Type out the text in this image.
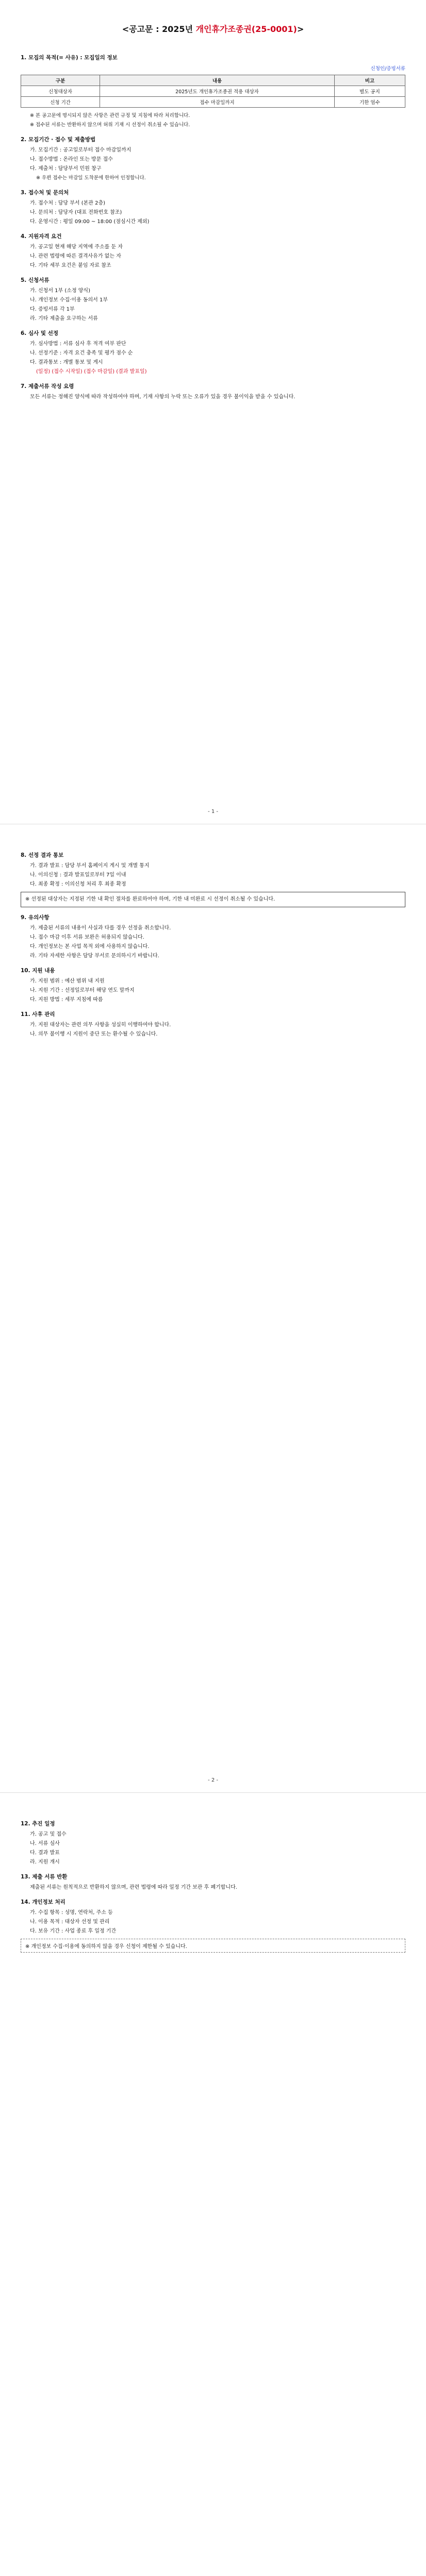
<공고문 : 2025년 개인휴가조종권(25-0001)>
1. 모집의 목적(= 사유) : 모집일의 정보
신청인/증빙서류
구분	내용	비고
신청대상자	2025년도 개인휴가조종권 적용 대상자	별도 공지
신청 기간	접수 마감일까지	기한 엄수
※ 본 공고문에 명시되지 않은 사항은 관련 규정 및 지침에 따라 처리합니다.
※ 접수된 서류는 반환하지 않으며 허위 기재 시 선정이 취소될 수 있습니다.
2. 모집기간 · 접수 및 제출방법
가. 모집기간 : 공고일로부터 접수 마감일까지
나. 접수방법 : 온라인 또는 방문 접수
다. 제출처 : 담당부서 민원 창구
※ 우편 접수는 마감일 도착분에 한하여 인정합니다.
3. 접수처 및 문의처
가. 접수처 : 담당 부서 (본관 2층)
나. 문의처 : 담당자 (대표 전화번호 참조)
다. 운영시간 : 평일 09:00 ~ 18:00 (점심시간 제외)
4. 지원자격 요건
가. 공고일 현재 해당 지역에 주소를 둔 자
나. 관련 법령에 따른 결격사유가 없는 자
다. 기타 세부 요건은 붙임 자료 참조
5. 신청서류
가. 신청서 1부 (소정 양식)
나. 개인정보 수집·이용 동의서 1부
다. 증빙서류 각 1부
라. 기타 제출을 요구하는 서류
6. 심사 및 선정
가. 심사방법 : 서류 심사 후 적격 여부 판단
나. 선정기준 : 자격 요건 충족 및 평가 점수 순
다. 결과통보 : 개별 통보 및 게시
(일정) (접수 시작일) (접수 마감일) (결과 발표일)
7. 제출서류 작성 요령
모든 서류는 정해진 양식에 따라 작성하여야 하며, 기재 사항의 누락 또는 오류가 있을 경우 불이익을 받을 수 있습니다.
- 1 -
8. 선정 결과 통보
가. 결과 발표 : 담당 부서 홈페이지 게시 및 개별 통지
나. 이의신청 : 결과 발표일로부터 7일 이내
다. 최종 확정 : 이의신청 처리 후 최종 확정
※ 선정된 대상자는 지정된 기한 내 확인 절차를 완료하여야 하며, 기한 내 미완료 시 선정이 취소될 수 있습니다.
9. 유의사항
가. 제출된 서류의 내용이 사실과 다를 경우 선정을 취소합니다.
나. 접수 마감 이후 서류 보완은 허용되지 않습니다.
다. 개인정보는 본 사업 목적 외에 사용하지 않습니다.
라. 기타 자세한 사항은 담당 부서로 문의하시기 바랍니다.
10. 지원 내용
가. 지원 범위 : 예산 범위 내 지원
나. 지원 기간 : 선정일로부터 해당 연도 말까지
다. 지원 방법 : 세부 지침에 따름
11. 사후 관리
가. 지원 대상자는 관련 의무 사항을 성실히 이행하여야 합니다.
나. 의무 불이행 시 지원이 중단 또는 환수될 수 있습니다.
- 2 -
12. 추진 일정
가. 공고 및 접수
나. 서류 심사
다. 결과 발표
라. 지원 개시
13. 제출 서류 반환
제출된 서류는 원칙적으로 반환하지 않으며, 관련 법령에 따라 일정 기간 보관 후 폐기합니다.
14. 개인정보 처리
가. 수집 항목 : 성명, 연락처, 주소 등
나. 이용 목적 : 대상자 선정 및 관리
다. 보유 기간 : 사업 종료 후 일정 기간
※ 개인정보 수집·이용에 동의하지 않을 경우 신청이 제한될 수 있습니다.
